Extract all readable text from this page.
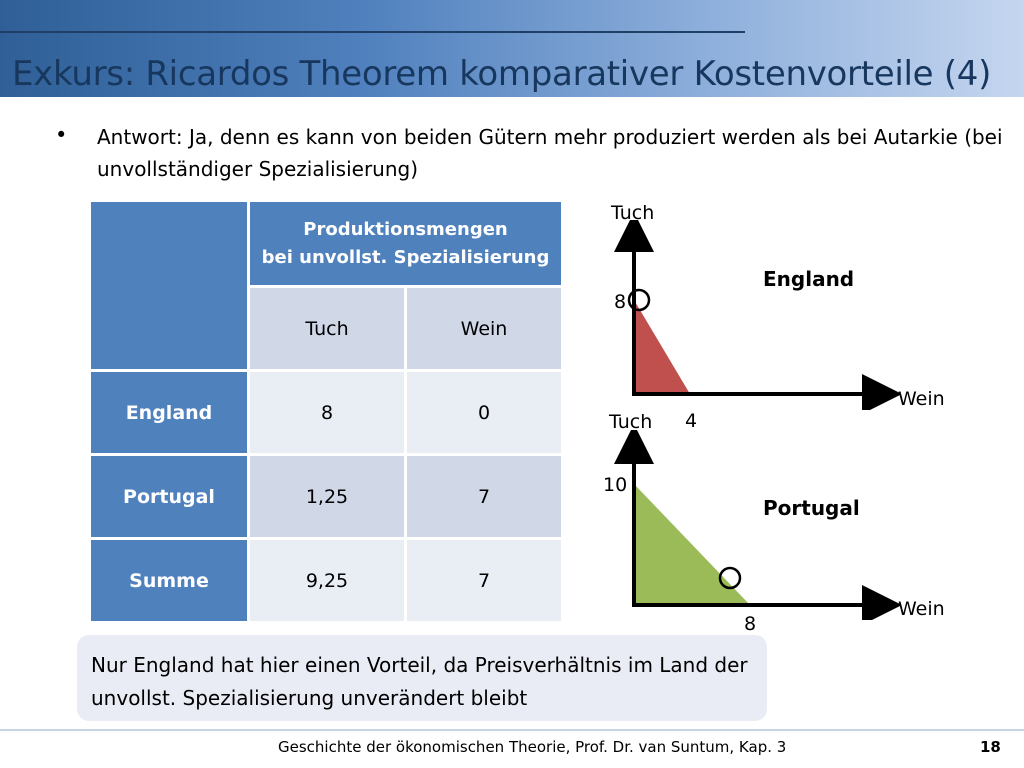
Exkurs: Ricardos Theorem komparativer Kostenvorteile (4)
• Antwort: Ja, denn es kann von beiden Gütern mehr produziert werden als bei Autarkie (bei unvollständiger Spezialisierung)
	Produktionsmengen
bei unvollst. Spezialisierung	
	Tuch	Wein
England	8	0
Portugal	1,25	7
Summe	9,25	7
Tuch
Wein
8
4
England
Tuch
Wein
10
8
Portugal
Nur England hat hier einen Vorteil, da Preisverhältnis im Land der unvollst. Spezialisierung unverändert bleibt
Geschichte der ökonomischen Theorie, Prof. Dr. van Suntum, Kap. 3	18
